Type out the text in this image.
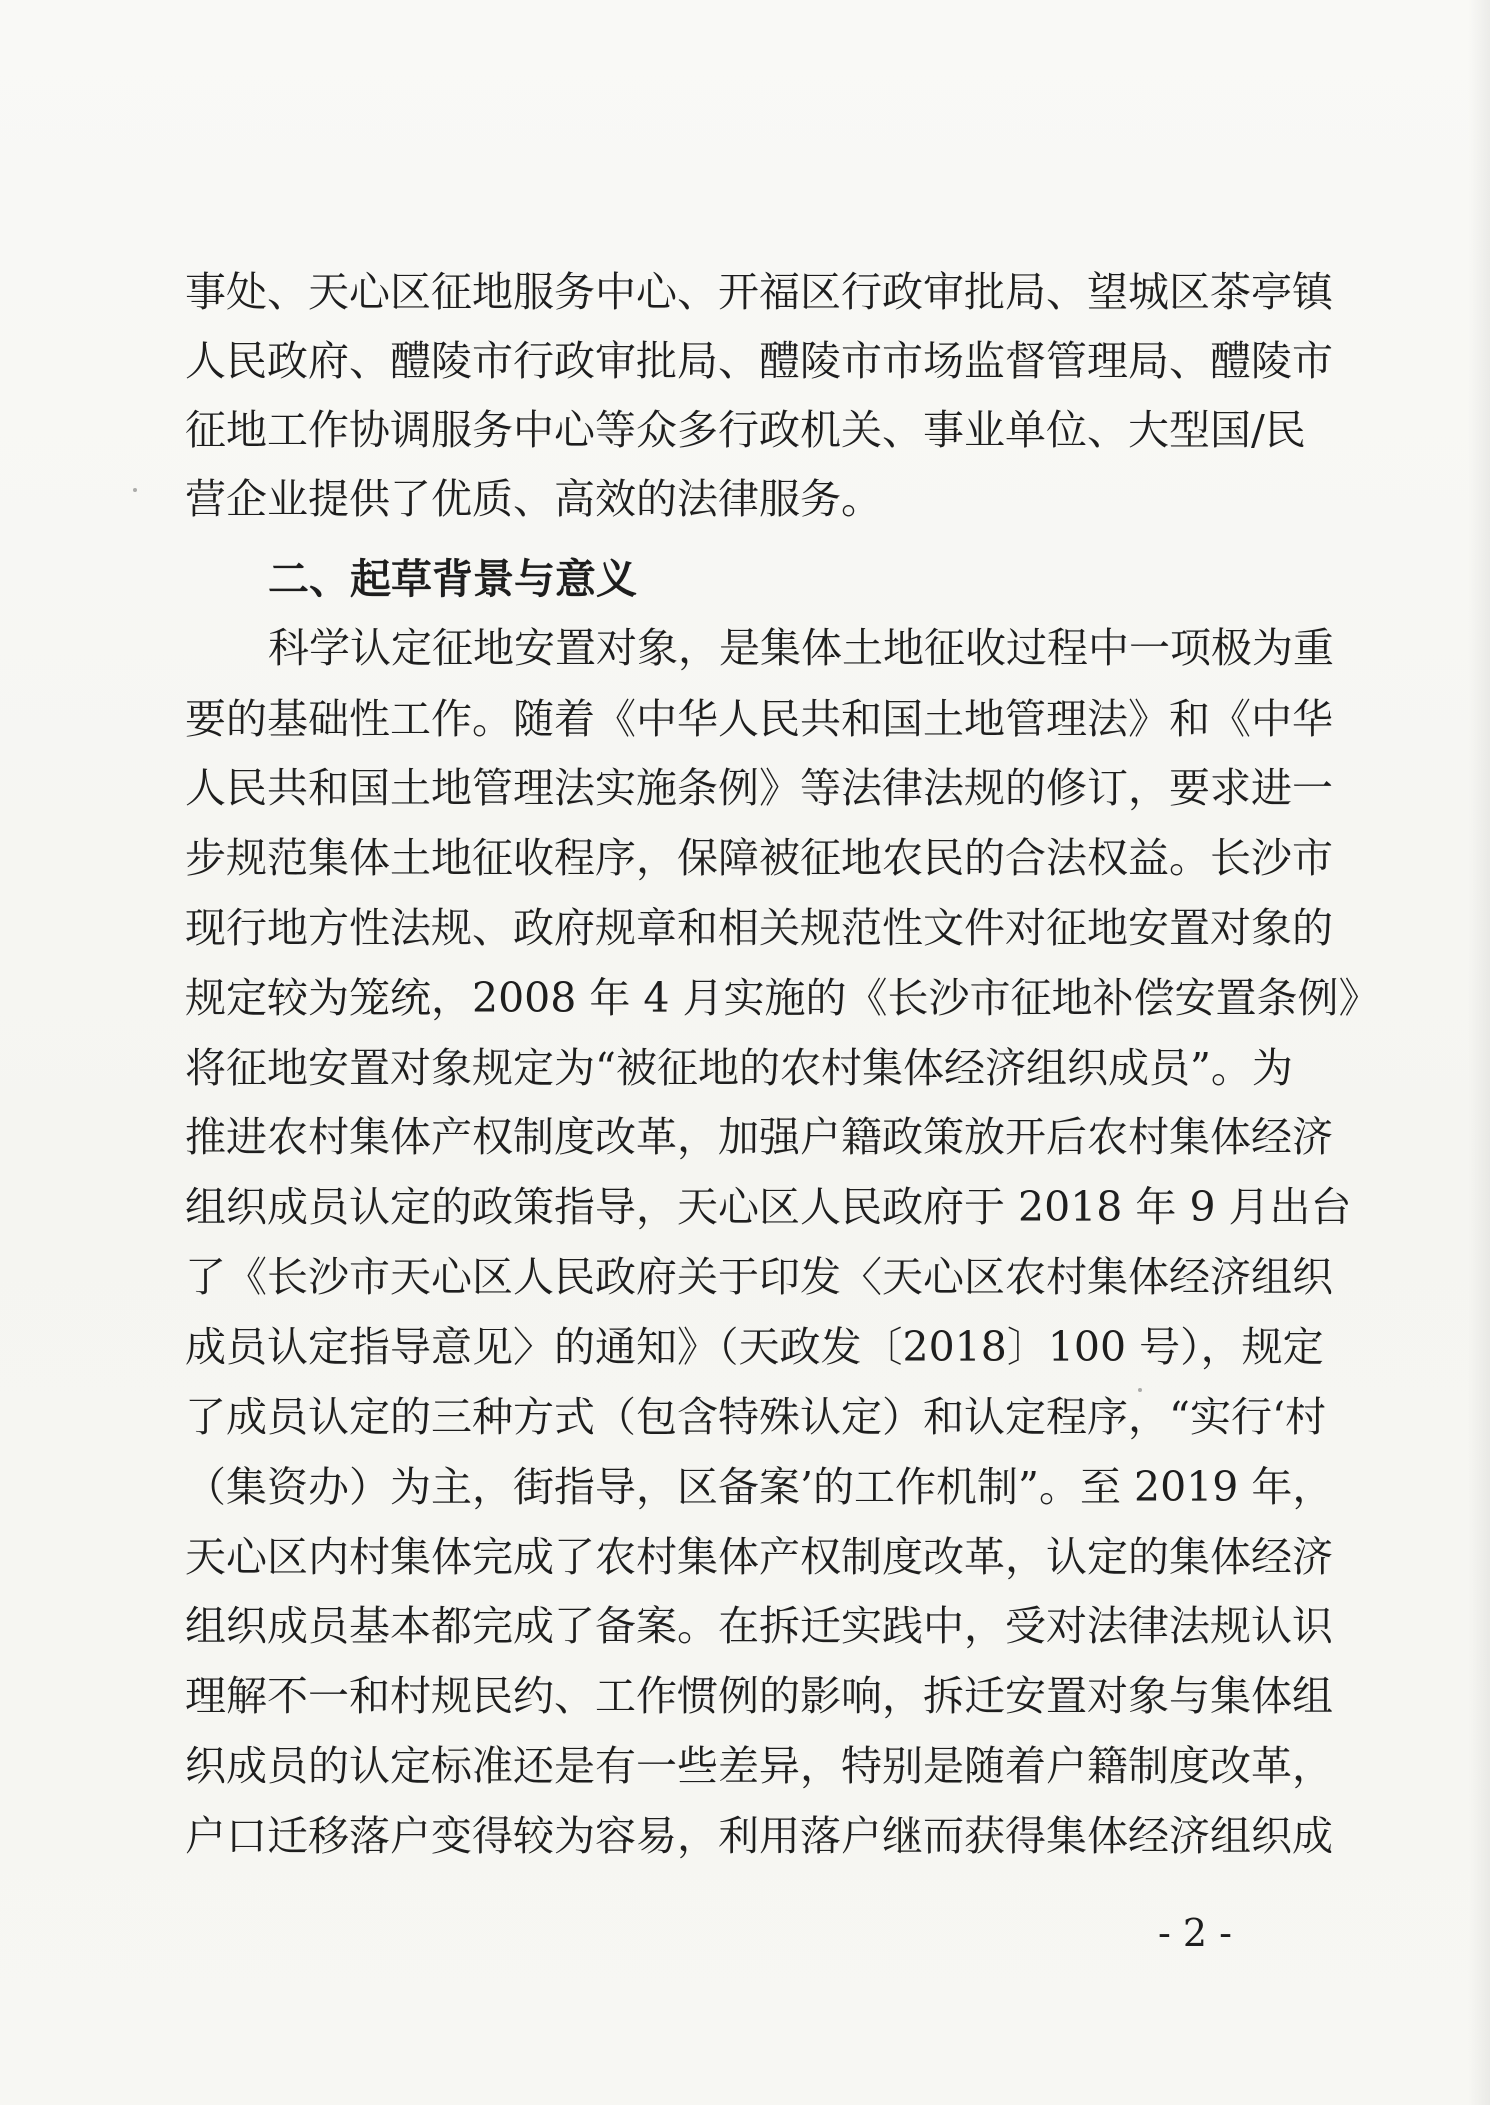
事处、天心区征地服务中心、开福区行政审批局、望城区茶亭镇
人民政府、醴陵市行政审批局、醴陵市市场监督管理局、醴陵市
征地工作协调服务中心等众多行政机关、事业单位、大型国/民
营企业提供了优质、高效的法律服务。
二、起草背景与意义
科学认定征地安置对象，是集体土地征收过程中一项极为重
要的基础性工作。随着《中华人民共和国土地管理法》和《中华
人民共和国土地管理法实施条例》等法律法规的修订，要求进一
步规范集体土地征收程序，保障被征地农民的合法权益。长沙市
现行地方性法规、政府规章和相关规范性文件对征地安置对象的
规定较为笼统，2008 年 4 月实施的《长沙市征地补偿安置条例》
将征地安置对象规定为“被征地的农村集体经济组织成员”。为
推进农村集体产权制度改革，加强户籍政策放开后农村集体经济
组织成员认定的政策指导，天心区人民政府于 2018 年 9 月出台
了《长沙市天心区人民政府关于印发〈天心区农村集体经济组织
成员认定指导意见〉的通知》（天政发〔2018〕100 号），规定
了成员认定的三种方式（包含特殊认定）和认定程序，“实行‘村
（集资办）为主，街指导，区备案’的工作机制”。至 2019 年，
天心区内村集体完成了农村集体产权制度改革，认定的集体经济
组织成员基本都完成了备案。在拆迁实践中，受对法律法规认识
理解不一和村规民约、工作惯例的影响，拆迁安置对象与集体组
织成员的认定标准还是有一些差异，特别是随着户籍制度改革，
户口迁移落户变得较为容易，利用落户继而获得集体经济组织成
- 2 -
